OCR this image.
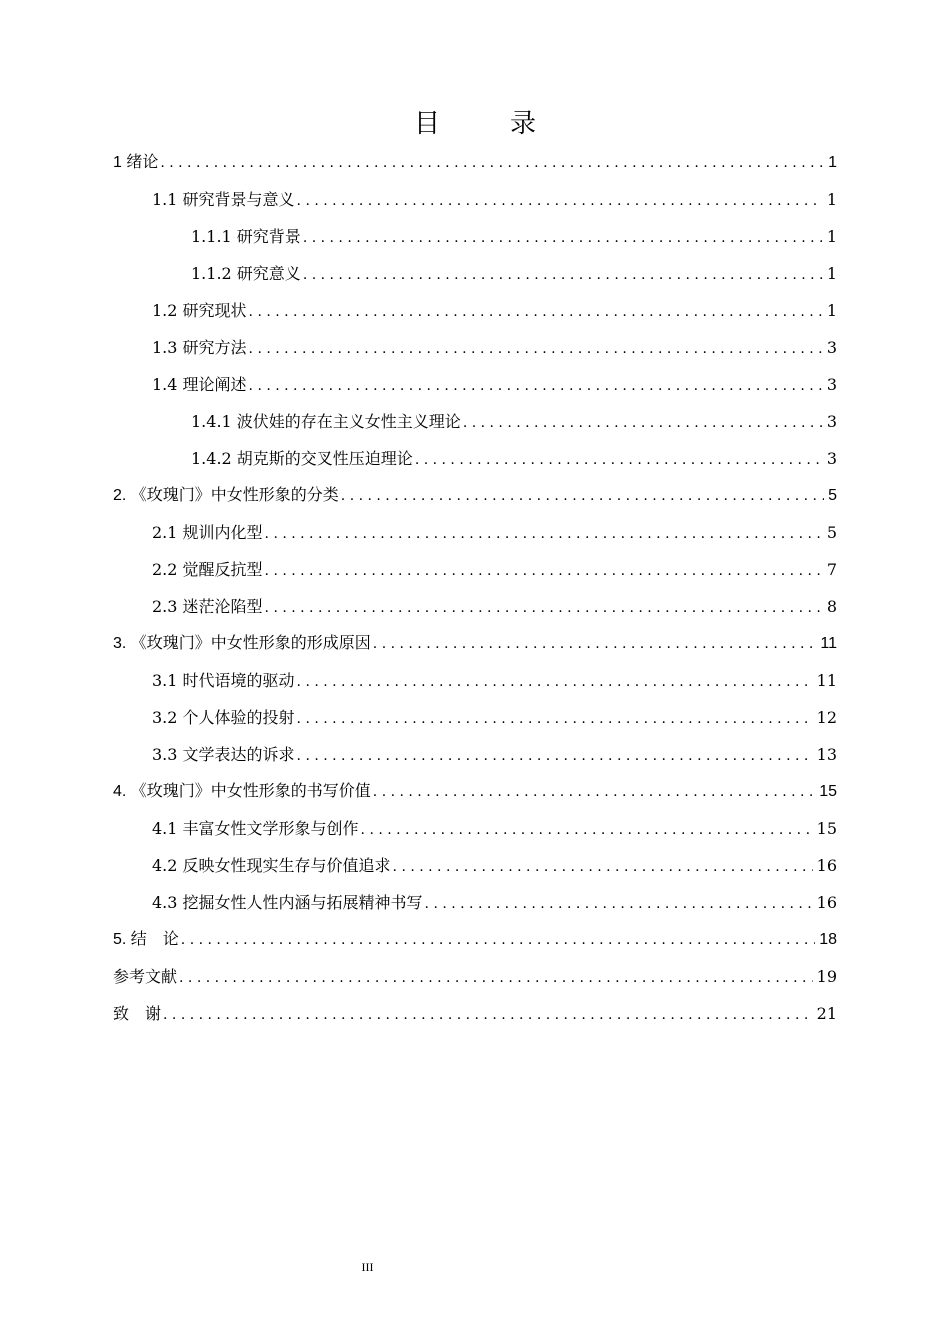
目　录
1 绪论 . . .	1
1.1 研究背景与意义 . . .	1
1.1.1 研究背景 . . .	1
1.1.2 研究意义 . . .	1
1.2 研究现状 . . .	1
1.3 研究方法 . . .	3
1.4 理论阐述 . . .	3
1.4.1 波伏娃的存在主义女性主义理论 . . .	3
1.4.2 胡克斯的交叉性压迫理论 . . .	3
2. 《玫瑰门》中女性形象的分类 . . .	5
2.1 规训内化型 . . .	5
2.2 觉醒反抗型 . . .	7
2.3 迷茫沦陷型 . . .	8
3. 《玫瑰门》中女性形象的形成原因 . . .	11
3.1 时代语境的驱动 . . .	11
3.2 个人体验的投射 . . .	12
3.3 文学表达的诉求 . . .	13
4. 《玫瑰门》中女性形象的书写价值 . . .	15
4.1 丰富女性文学形象与创作 . . .	15
4.2 反映女性现实生存与价值追求 . . .	16
4.3 挖掘女性人性内涵与拓展精神书写 . . .	16
5. 结　论 . . .	18
参考文献 . . .	19
致　谢 . . .	21
III
